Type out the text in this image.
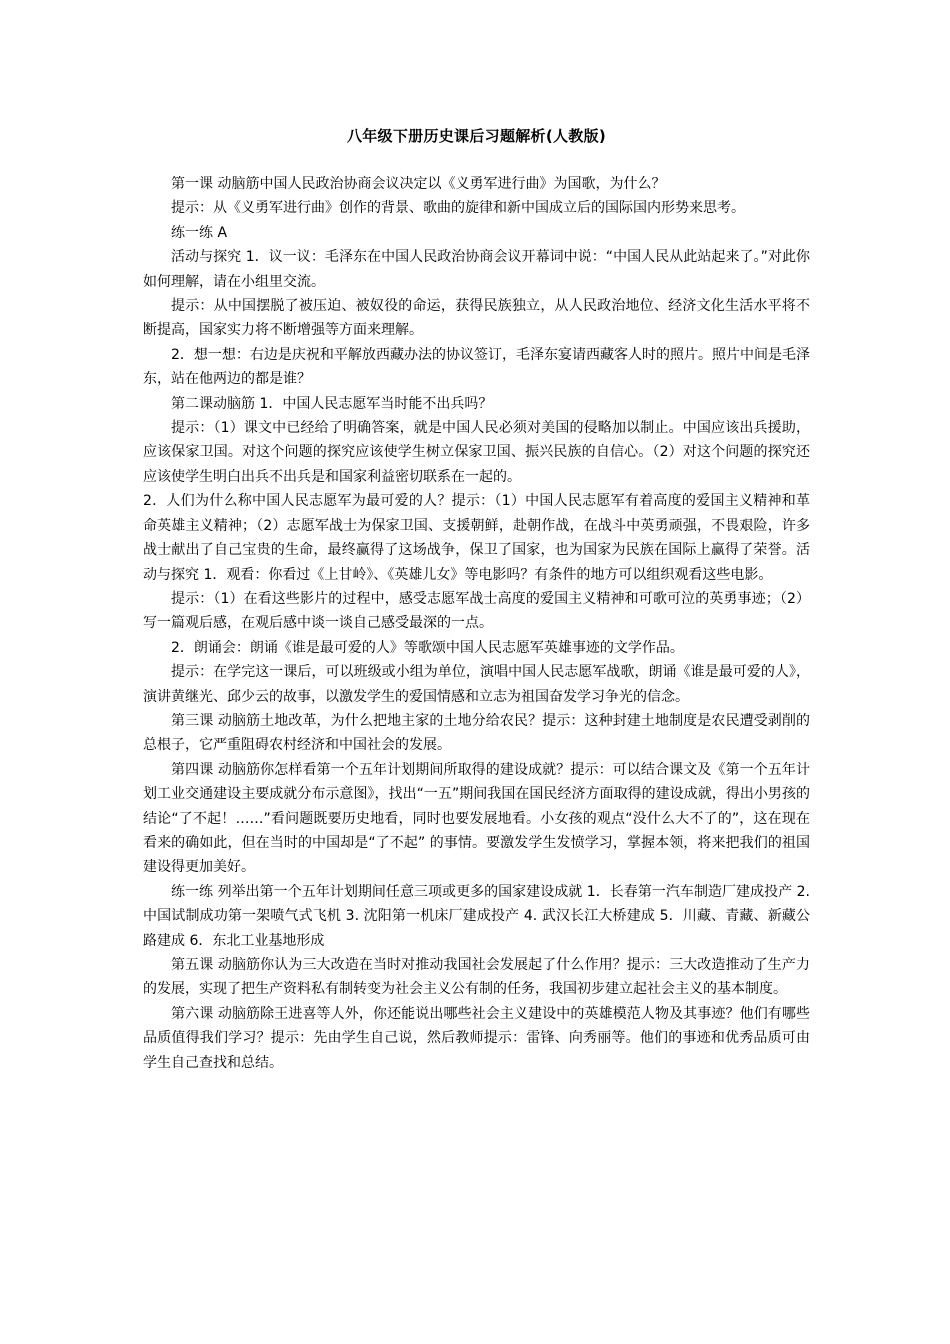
八年级下册历史课后习题解析(人教版)

第一课 动脑筋中国人民政治协商会议决定以《义勇军进行曲》为国歌，为什么？

提示：从《义勇军进行曲》创作的背景、歌曲的旋律和新中国成立后的国际国内形势来思考。

练一练 A

活动与探究 1．议一议：毛泽东在中国人民政治协商会议开幕词中说：“中国人民从此站起来了。”对此你如何理解，请在小组里交流。

提示：从中国摆脱了被压迫、被奴役的命运，获得民族独立，从人民政治地位、经济文化生活水平将不断提高，国家实力将不断增强等方面来理解。

2．想一想：右边是庆祝和平解放西藏办法的协议签订，毛泽东宴请西藏客人时的照片。照片中间是毛泽东，站在他两边的都是谁？

第二课动脑筋 1．中国人民志愿军当时能不出兵吗？

提示：（1）课文中已经给了明确答案，就是中国人民必须对美国的侵略加以制止。中国应该出兵援助，应该保家卫国。对这个问题的探究应该使学生树立保家卫国、振兴民族的自信心。（2）对这个问题的探究还应该使学生明白出兵不出兵是和国家利益密切联系在一起的。

2．人们为什么称中国人民志愿军为最可爱的人？提示：（1）中国人民志愿军有着高度的爱国主义精神和革命英雄主义精神；（2）志愿军战士为保家卫国、支援朝鲜，赴朝作战，在战斗中英勇顽强，不畏艰险，许多战士献出了自己宝贵的生命，最终赢得了这场战争，保卫了国家，也为国家为民族在国际上赢得了荣誉。活动与探究 1．观看：你看过《上甘岭》、《英雄儿女》等电影吗？有条件的地方可以组织观看这些电影。

提示：（1）在看这些影片的过程中，感受志愿军战士高度的爱国主义精神和可歌可泣的英勇事迹；（2）写一篇观后感，在观后感中谈一谈自己感受最深的一点。

2．朗诵会：朗诵《谁是最可爱的人》等歌颂中国人民志愿军英雄事迹的文学作品。

提示：在学完这一课后，可以班级或小组为单位，演唱中国人民志愿军战歌，朗诵《谁是最可爱的人》，演讲黄继光、邱少云的故事，以激发学生的爱国情感和立志为祖国奋发学习争光的信念。

第三课 动脑筋土地改革，为什么把地主家的土地分给农民？提示：这种封建土地制度是农民遭受剥削的总根子，它严重阻碍农村经济和中国社会的发展。

第四课 动脑筋你怎样看第一个五年计划期间所取得的建设成就？提示：可以结合课文及《第一个五年计划工业交通建设主要成就分布示意图》，找出“一五”期间我国在国民经济方面取得的建设成就，得出小男孩的结论“了不起！……”看问题既要历史地看，同时也要发展地看。小女孩的观点“没什么大不了的”，这在现在看来的确如此，但在当时的中国却是“了不起” 的事情。要激发学生发愤学习，掌握本领，将来把我们的祖国建设得更加美好。

练一练 列举出第一个五年计划期间任意三项或更多的国家建设成就 1．长春第一汽车制造厂建成投产 2. 中国试制成功第一架喷气式飞机 3. 沈阳第一机床厂建成投产 4. 武汉长江大桥建成 5．川藏、青藏、新藏公路建成 6．东北工业基地形成

第五课 动脑筋你认为三大改造在当时对推动我国社会发展起了什么作用？提示：三大改造推动了生产力的发展，实现了把生产资料私有制转变为社会主义公有制的任务，我国初步建立起社会主义的基本制度。

第六课 动脑筋除王进喜等人外，你还能说出哪些社会主义建设中的英雄模范人物及其事迹？他们有哪些品质值得我们学习？提示：先由学生自己说，然后教师提示：雷锋、向秀丽等。他们的事迹和优秀品质可由学生自己查找和总结。
